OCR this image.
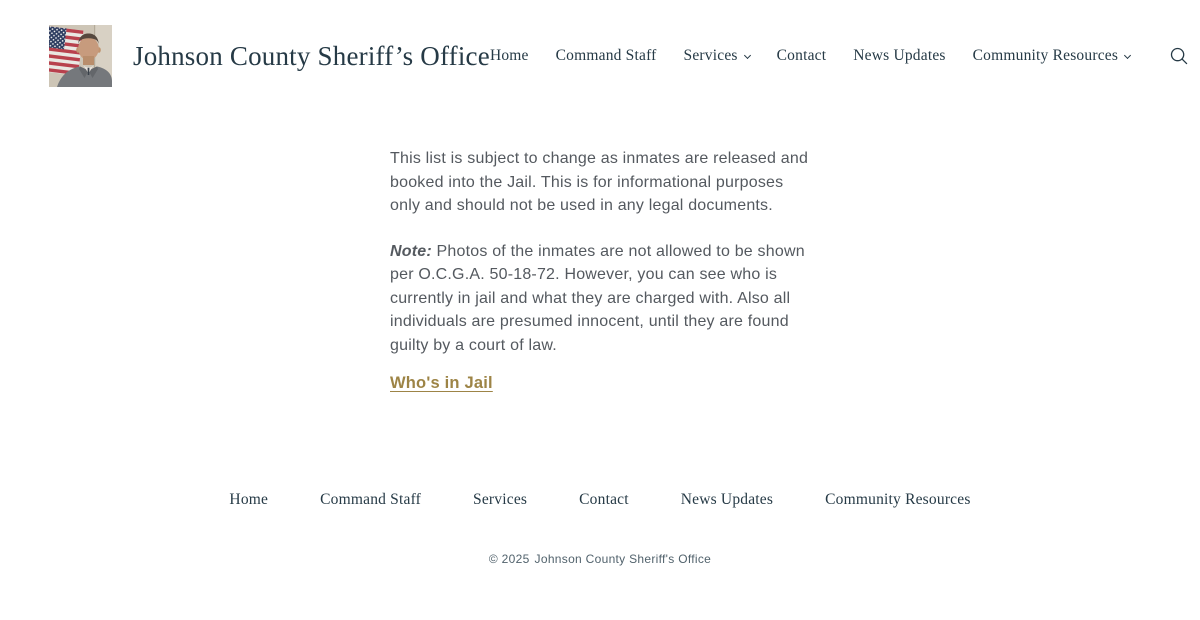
Johnson County Sheriff’s Office Home Command Staff Services	Contact News Updates Community Resources

This list is subject to change as inmates are released and booked into the Jail. This is for informational purposes only and should not be used in any legal documents.

Note: Photos of the inmates are not allowed to be shown per O.C.G.A. 50-18-72. However, you can see who is currently in jail and what they are charged with. Also all individuals are presumed innocent, until they are found guilty by a court of law.

Who's in Jail

Home	Command Staff	Services	Contact	News Updates	Community Resources
© 2025 Johnson County Sheriff's Office
